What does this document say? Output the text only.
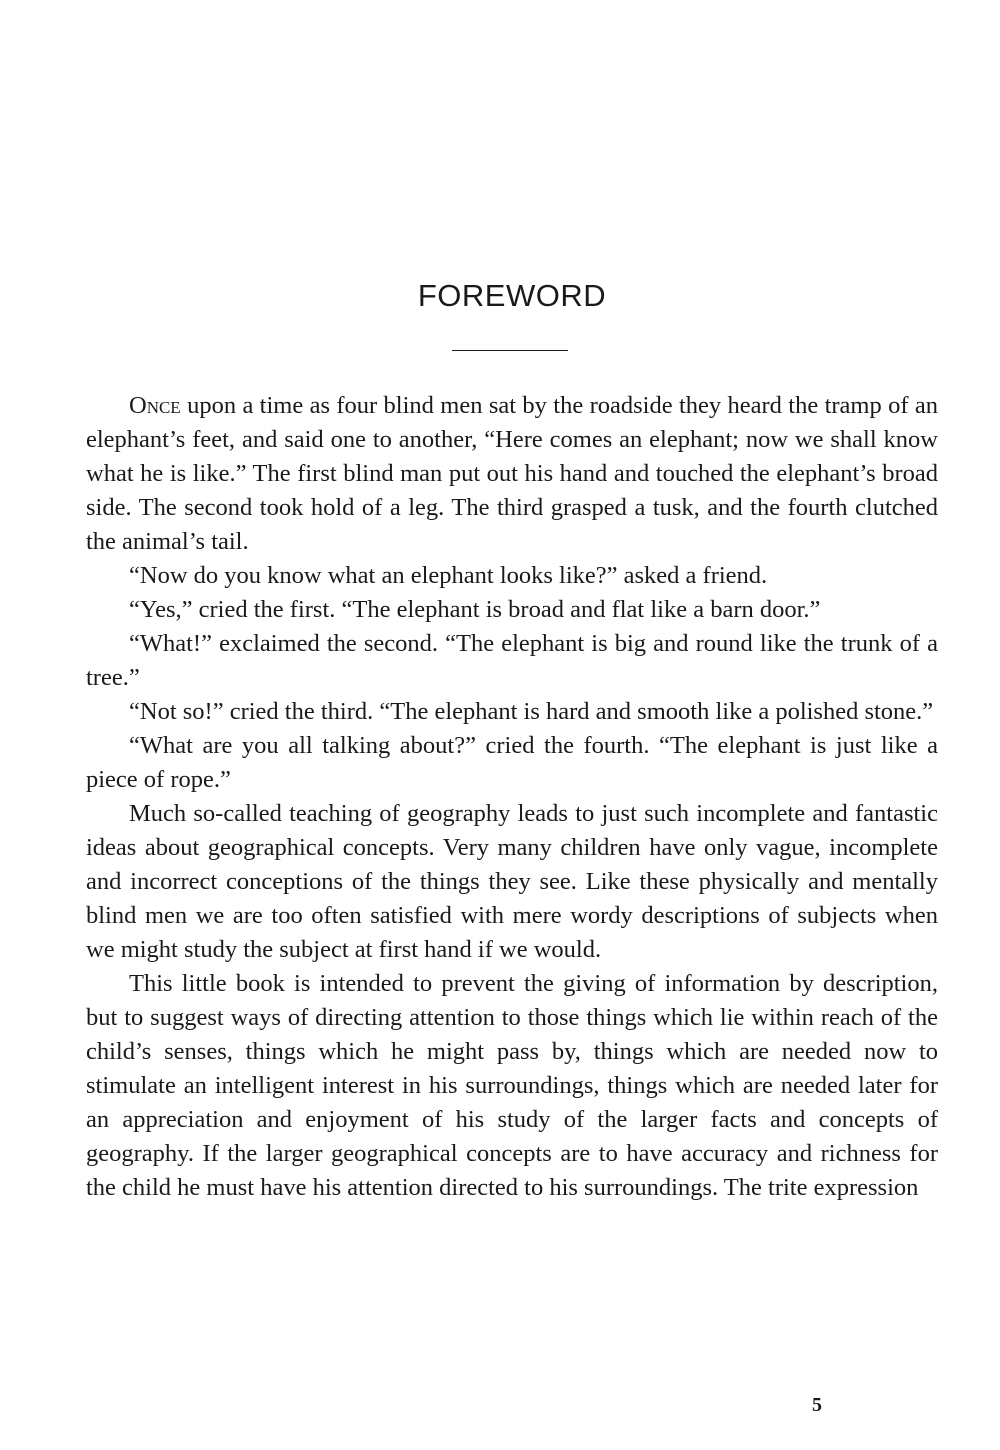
FOREWORD

Once upon a time as four blind men sat by the roadside they heard the tramp of an elephant’s feet, and said one to another, “Here comes an elephant; now we shall know what he is like.” The first blind man put out his hand and touched the elephant’s broad side. The second took hold of a leg. The third grasped a tusk, and the fourth clutched the animal’s tail.

“Now do you know what an elephant looks like?” asked a friend.

“Yes,” cried the first. “The elephant is broad and flat like a barn door.”

“What!” exclaimed the second. “The elephant is big and round like the trunk of a tree.”

“Not so!” cried the third. “The elephant is hard and smooth like a polished stone.”

“What are you all talking about?” cried the fourth. “The elephant is just like a piece of rope.”

Much so-called teaching of geography leads to just such incomplete and fantastic ideas about geographical concepts. Very many children have only vague, incomplete and incorrect conceptions of the things they see. Like these physically and mentally blind men we are too often satisfied with mere wordy descriptions of subjects when we might study the subject at first hand if we would.

This little book is intended to prevent the giving of information by description, but to suggest ways of directing attention to those things which lie within reach of the child’s senses, things which he might pass by, things which are needed now to stimulate an intelligent interest in his surroundings, things which are needed later for an appreciation and enjoyment of his study of the larger facts and concepts of geography. If the larger geographical concepts are to have accuracy and richness for the child he must have his attention directed to his surroundings. The trite expression

5
